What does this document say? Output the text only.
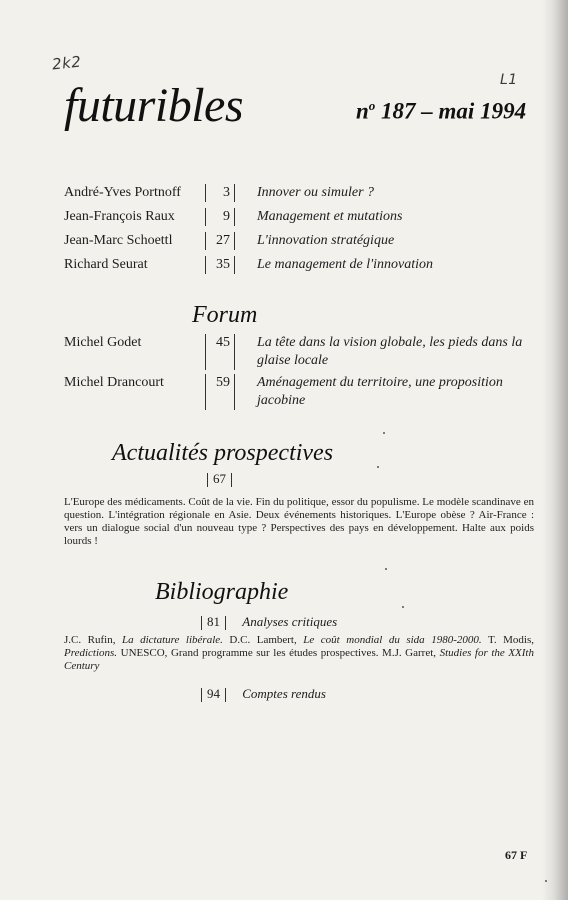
2k2
L1
futuribles	$n^o$ 187 – mai 1994
André-Yves Portnoff	3	Innover ou simuler ?
Jean-François Raux	9	Management et mutations
Jean-Marc Schoettl	27	L'innovation stratégique
Richard Seurat	35	Le management de l'innovation
Forum
Michel Godet	45	La tête dans la vision globale, les pieds dans la glaise locale
Michel Drancourt	59	Aménagement du territoire, une proposition jacobine
Actualités prospectives
67
L'Europe des médicaments. Coût de la vie. Fin du politique, essor du populisme. Le modèle scandinave en question. L'intégration régionale en Asie. Deux événements historiques. L'Europe obèse ? Air-France : vers un dialogue social d'un nouveau type ? Perspectives des pays en développement. Halte aux poids lourds !
Bibliographie
81 Analyses critiques
J.C. Rufin, La dictature libérale. D.C. Lambert, Le coût mondial du sida 1980-2000. T. Modis, Predictions. UNESCO, Grand programme sur les études prospectives. M.J. Garret, Studies for the XXIth Century
94 Comptes rendus
67 F
